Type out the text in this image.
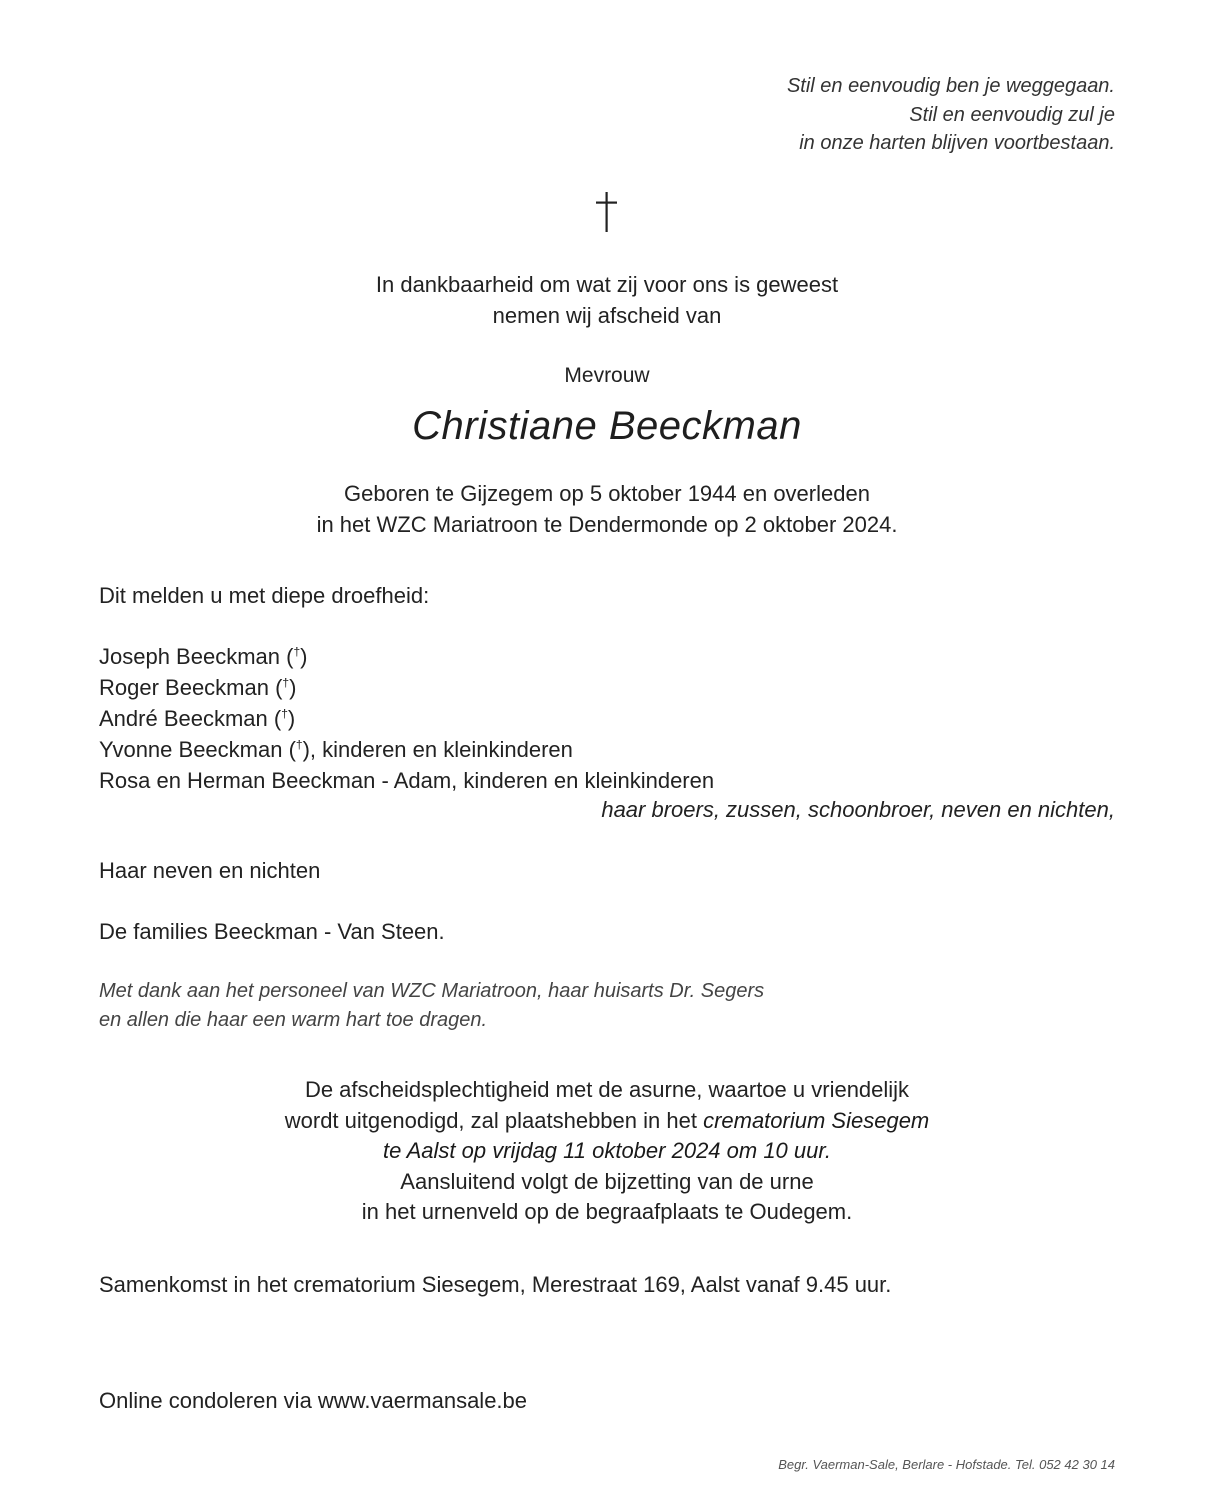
Stil en eenvoudig ben je weggegaan.
Stil en eenvoudig zul je
in onze harten blijven voortbestaan.
In dankbaarheid om wat zij voor ons is geweest
nemen wij afscheid van
Mevrouw
Christiane Beeckman
Geboren te Gijzegem op 5 oktober 1944 en overleden
in het WZC Mariatroon te Dendermonde op 2 oktober 2024.
Dit melden u met diepe droefheid:
Joseph Beeckman (†)
Roger Beeckman (†)
André Beeckman (†)
Yvonne Beeckman (†), kinderen en kleinkinderen
Rosa en Herman Beeckman - Adam, kinderen en kleinkinderen
haar broers, zussen, schoonbroer, neven en nichten,
Haar neven en nichten
De families Beeckman - Van Steen.
Met dank aan het personeel van WZC Mariatroon, haar huisarts Dr. Segers
en allen die haar een warm hart toe dragen.
De afscheidsplechtigheid met de asurne, waartoe u vriendelijk
wordt uitgenodigd, zal plaatshebben in het crematorium Siesegem
te Aalst op vrijdag 11 oktober 2024 om 10 uur.
Aansluitend volgt de bijzetting van de urne
in het urnenveld op de begraafplaats te Oudegem.
Samenkomst in het crematorium Siesegem, Merestraat 169, Aalst vanaf 9.45 uur.
Online condoleren via www.vaermansale.be
Begr. Vaerman-Sale, Berlare - Hofstade. Tel. 052 42 30 14
